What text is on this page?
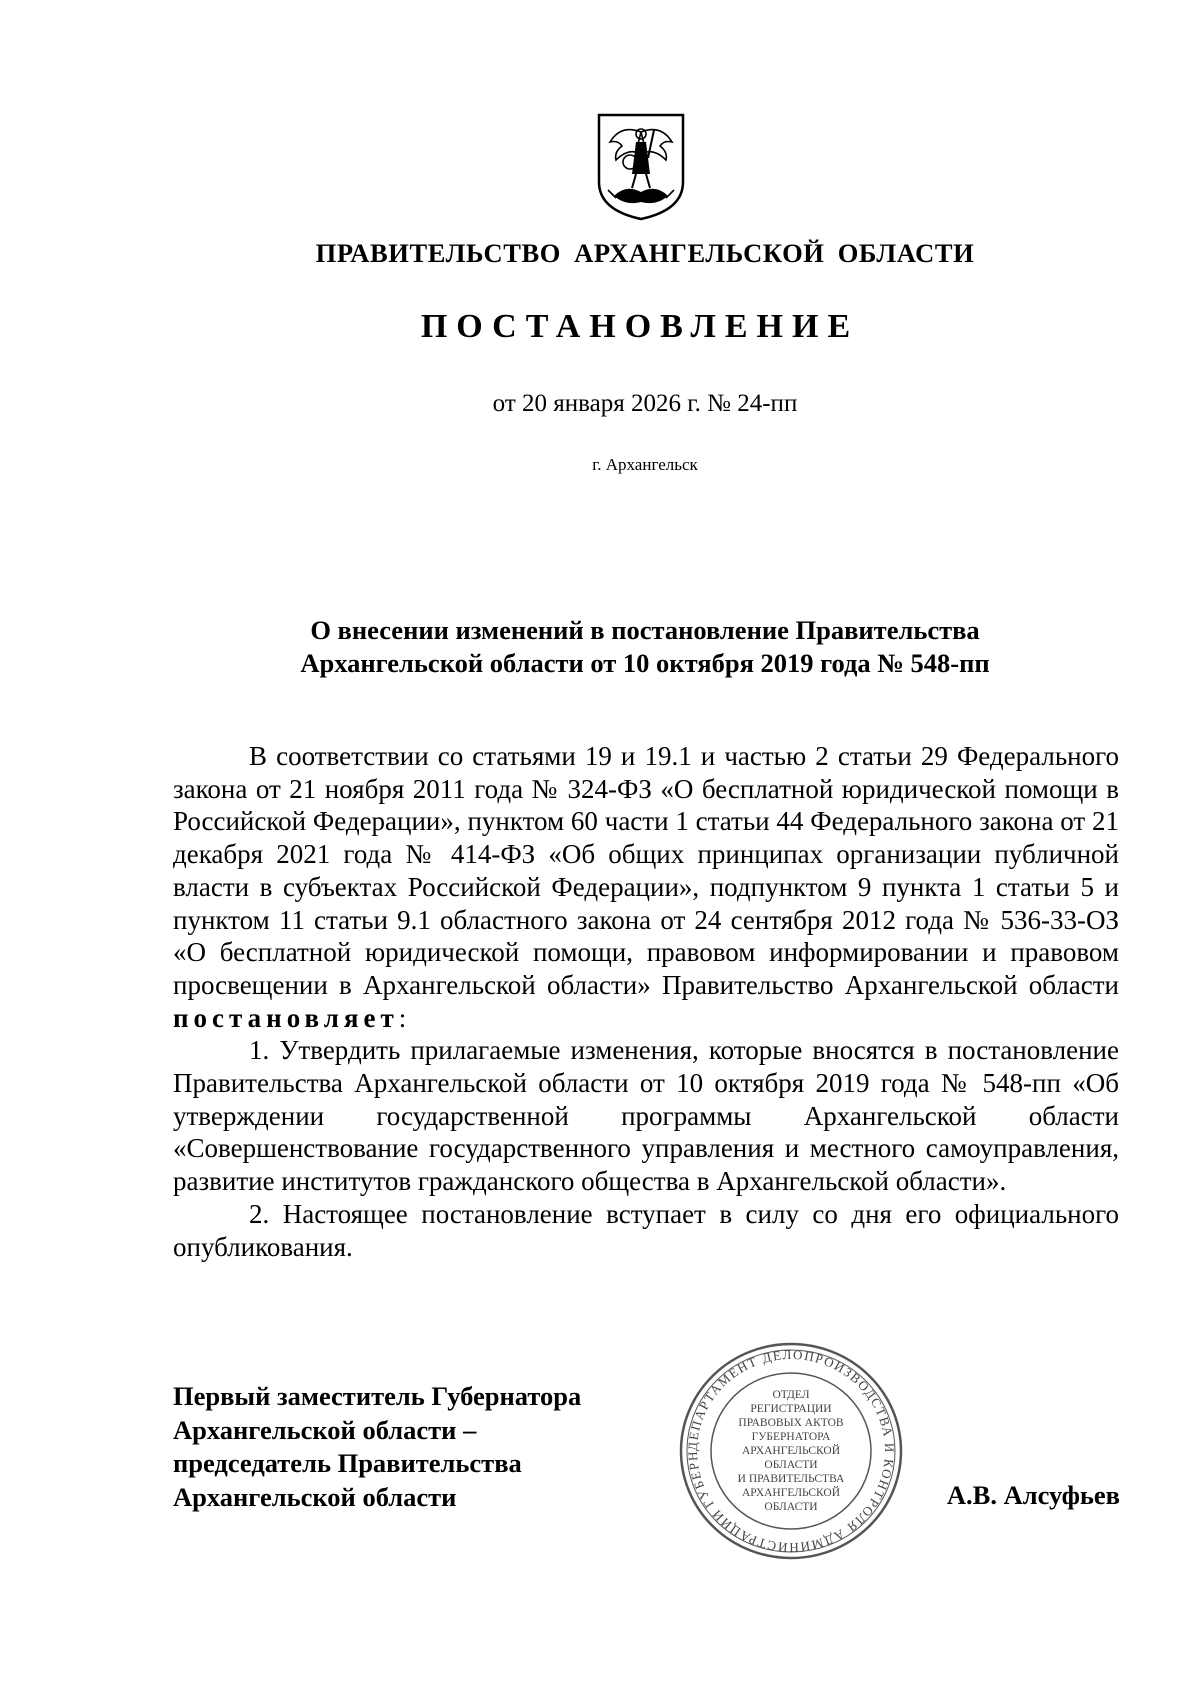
ПРАВИТЕЛЬСТВО АРХАНГЕЛЬСКОЙ ОБЛАСТИ
ПОСТАНОВЛЕНИЕ
от 20 января 2026 г. № 24-пп
г. Архангельск
О внесении изменений в постановление Правительства
Архангельской области от 10 октября 2019 года № 548-пп

В соответствии со статьями 19 и 19.1 и частью 2 статьи 29 Федерального закона от 21 ноября 2011 года № 324-ФЗ «О бесплатной юридической помощи в Российской Федерации», пунктом 60 части 1 статьи 44 Федерального закона от 21 декабря 2021 года № 414-ФЗ «Об общих принципах организации публичной власти в субъектах Российской Федерации», подпунктом 9 пункта 1 статьи 5 и пунктом 11 статьи 9.1 областного закона от 24 сентября 2012 года № 536-33-ОЗ «О бесплатной юридической помощи, правовом информировании и правовом просвещении в Архангельской области» Правительство Архангельской области постановляет:

1. Утвердить прилагаемые изменения, которые вносятся в постановление Правительства Архангельской области от 10 октября 2019 года № 548-пп «Об утверждении государственной программы Архангельской области «Совершенствование государственного управления и местного самоуправления, развитие институтов гражданского общества в Архангельской области».

2. Настоящее постановление вступает в силу со дня его официального опубликования.

Первый заместитель Губернатора
Архангельской области –
председатель Правительства
Архангельской области
ДЕПАРТАМЕНТ ДЕЛОПРОИЗВОДСТВА И КОНТРОЛЯ АДМИНИСТРАЦИИ ГУБЕРН
ОТДЕЛ
РЕГИСТРАЦИИ
ПРАВОВЫХ АКТОВ
ГУБЕРНАТОРА
АРХАНГЕЛЬСКОЙ
ОБЛАСТИ
И ПРАВИТЕЛЬСТВА
АРХАНГЕЛЬСКОЙ
ОБЛАСТИ	А.В. Алсуфьев
